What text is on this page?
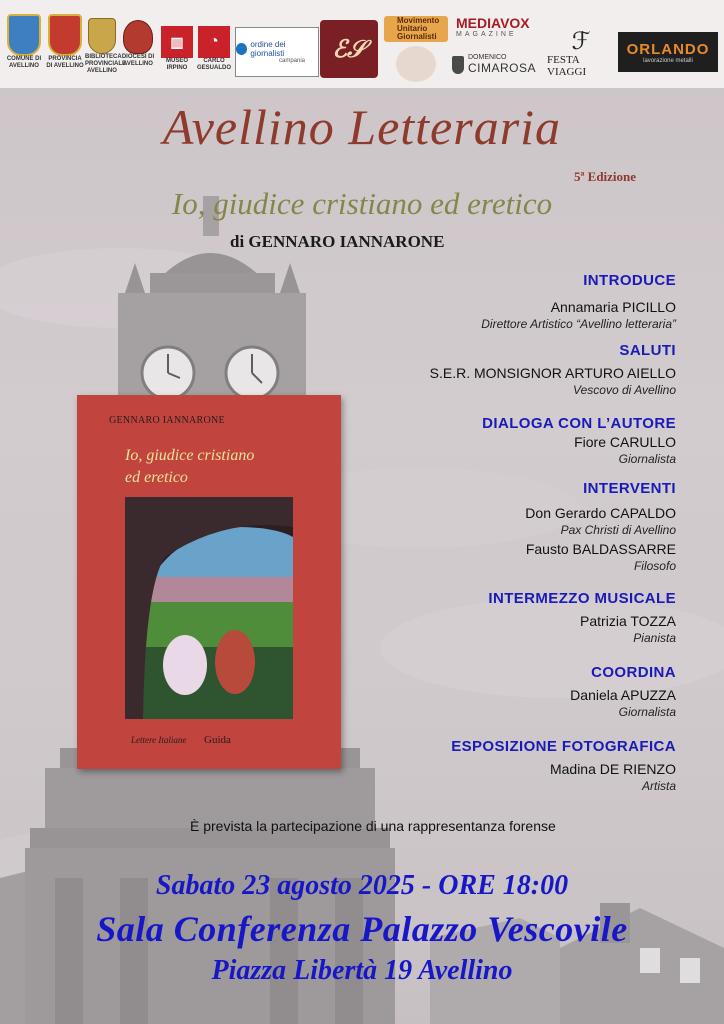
COMUNE DI AVELLINO
PROVINCIA DI AVELLINO
BIBLIOTECA PROVINCIALE AVELLINO
DIOCESI DI AVELLINO
▥
MUSEO IRPINO
◔
CARLO GESUALDO
ordine dei giornalisti
campania	ℰ𝒮
Movimento Unitario Giornalisti
MEDIAVOX
MAGAZINE
DOMENICO
CIMAROSA
ℱ
FESTA VIAGGI
ORLANDO
lavorazione metalli
Avellino Letteraria
5ª Edizione
Io, giudice cristiano ed eretico
di GENNARO IANNARONE
GENNARO IANNARONE
Io, giudice cristiano
ed eretico
Lettere Italiane Guida
INTRODUCE
Annamaria PICILLO
Direttore Artistico “Avellino letteraria”
SALUTI
S.E.R. MONSIGNOR ARTURO AIELLO
Vescovo di Avellino
DIALOGA CON L’AUTORE
Fiore CARULLO
Giornalista
INTERVENTI
Don Gerardo CAPALDO
Pax Christi di Avellino
Fausto BALDASSARRE
Filosofo
INTERMEZZO MUSICALE
Patrizia TOZZA
Pianista
COORDINA
Daniela APUZZA
Giornalista
ESPOSIZIONE FOTOGRAFICA
Madina DE RIENZO
Artista
È prevista la partecipazione di una rappresentanza forense
Sabato 23 agosto 2025 - ORE 18:00
Sala Conferenza Palazzo Vescovile
Piazza Libertà 19 Avellino
